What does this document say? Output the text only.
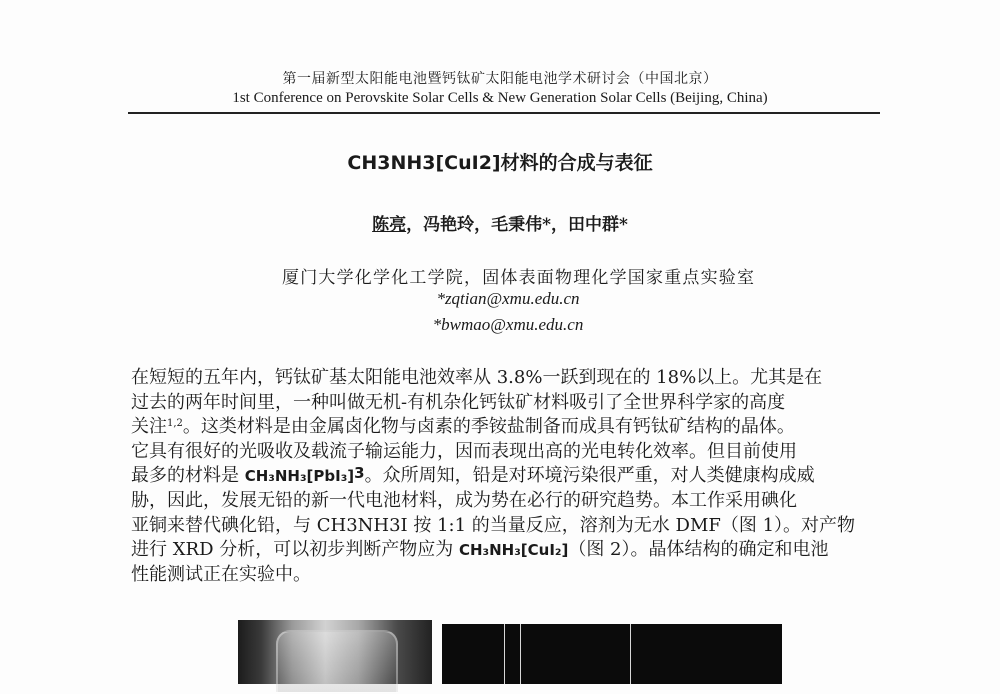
第一届新型太阳能电池暨钙钛矿太阳能电池学术研讨会（中国北京）
1st Conference on Perovskite Solar Cells & New Generation Solar Cells (Beijing, China)
CH3NH3[CuI2]材料的合成与表征
陈亮，冯艳玲，毛秉伟*，田中群*
厦门大学化学化工学院，固体表面物理化学国家重点实验室
*zqtian@xmu.edu.cn
*bwmao@xmu.edu.cn
在短短的五年内，钙钛矿基太阳能电池效率从 3.8%一跃到现在的 18%以上。尤其是在
过去的两年时间里，一种叫做无机-有机杂化钙钛矿材料吸引了全世界科学家的高度
关注$^{1,2}$。这类材料是由金属卤化物与卤素的季铵盐制备而成具有钙钛矿结构的晶体。
它具有很好的光吸收及载流子输运能力，因而表现出高的光电转化效率。但目前使用
最多的材料是 $CH_3NH_3[PbI_3]^3$。众所周知，铅是对环境污染很严重，对人类健康构成威
胁，因此，发展无铅的新一代电池材料，成为势在必行的研究趋势。本工作采用碘化
亚铜来替代碘化铅，与 CH3NH3I 按 1:1 的当量反应，溶剂为无水 DMF（图 1）。对产物
进行 XRD 分析，可以初步判断产物应为 CH₃NH₃[CuI₂]（图 2）。晶体结构的确定和电池
性能测试正在实验中。
